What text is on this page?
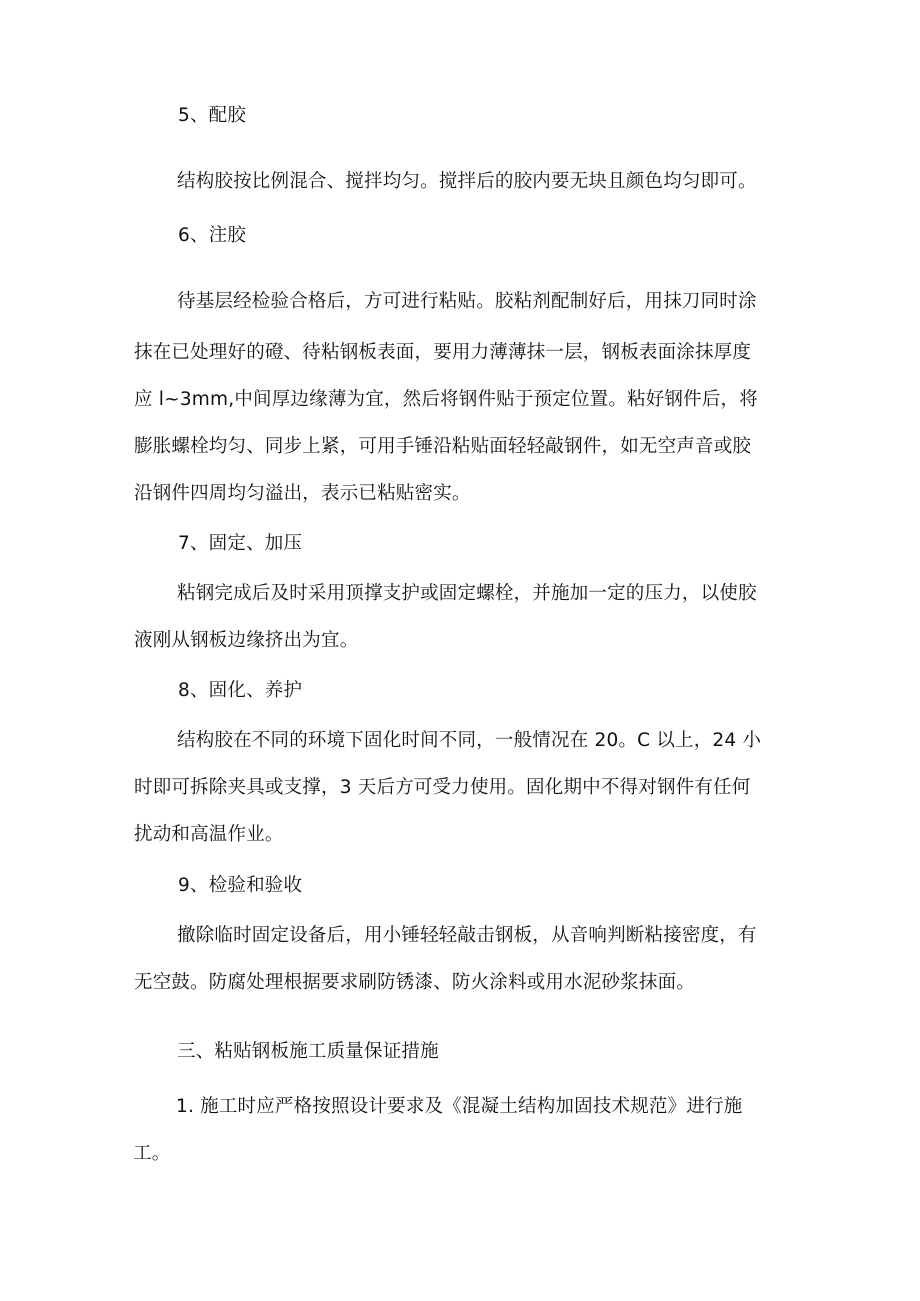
5、配胶
结构胶按比例混合、搅拌均匀。搅拌后的胶内要无块且颜色均匀即可。
6、注胶
待基层经检验合格后，方可进行粘贴。胶粘剂配制好后，用抹刀同时涂
抹在已处理好的磴、待粘钢板表面，要用力薄薄抹一层，钢板表面涂抹厚度
应 l~3mm,中间厚边缘薄为宜，然后将钢件贴于预定位置。粘好钢件后，将
膨胀螺栓均匀、同步上紧，可用手锤沿粘贴面轻轻敲钢件，如无空声音或胶
沿钢件四周均匀溢出，表示已粘贴密实。
7、固定、加压
粘钢完成后及时采用顶撑支护或固定螺栓，并施加一定的压力，以使胶
液刚从钢板边缘挤出为宜。
8、固化、养护
结构胶在不同的环境下固化时间不同，一般情况在 20。C 以上，24 小
时即可拆除夹具或支撑，3 天后方可受力使用。固化期中不得对钢件有任何
扰动和高温作业。
9、检验和验收
撤除临时固定设备后，用小锤轻轻敲击钢板，从音响判断粘接密度，有
无空鼓。防腐处理根据要求刷防锈漆、防火涂料或用水泥砂浆抹面。
三、粘贴钢板施工质量保证措施
1. 施工时应严格按照设计要求及《混凝土结构加固技术规范》进行施
工。
